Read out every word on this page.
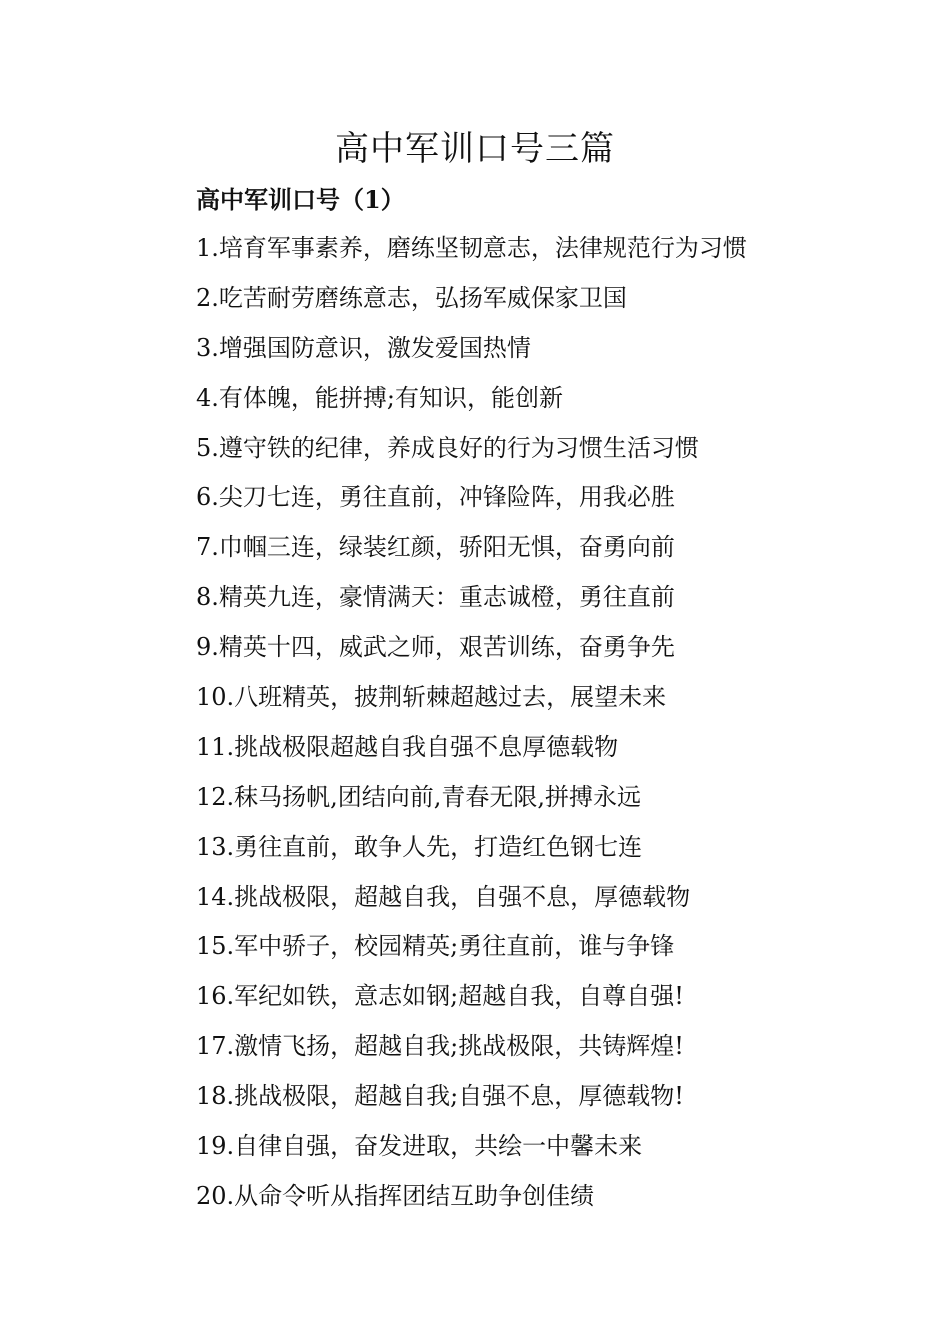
高中军训口号三篇
高中军训口号（1）
1.培育军事素养，磨练坚韧意志，法律规范行为习惯
2.吃苦耐劳磨练意志，弘扬军威保家卫国
3.增强国防意识，激发爱国热情
4.有体魄，能拼搏;有知识，能创新
5.遵守铁的纪律，养成良好的行为习惯生活习惯
6.尖刀七连，勇往直前，冲锋险阵，用我必胜
7.巾帼三连，绿装红颜，骄阳无惧，奋勇向前
8.精英九连，豪情满天：重志诚橙，勇往直前
9.精英十四，威武之师，艰苦训练，奋勇争先
10.八班精英，披荆斩棘超越过去，展望未来
11.挑战极限超越自我自强不息厚德载物
12.秣马扬帆,团结向前,青春无限,拼搏永远
13.勇往直前，敢争人先，打造红色钢七连
14.挑战极限，超越自我，自强不息，厚德载物
15.军中骄子，校园精英;勇往直前，谁与争锋
16.军纪如铁，意志如钢;超越自我，自尊自强!
17.激情飞扬，超越自我;挑战极限，共铸辉煌!
18.挑战极限，超越自我;自强不息，厚德载物!
19.自律自强，奋发进取，共绘一中馨未来
20.从命令听从指挥团结互助争创佳绩
